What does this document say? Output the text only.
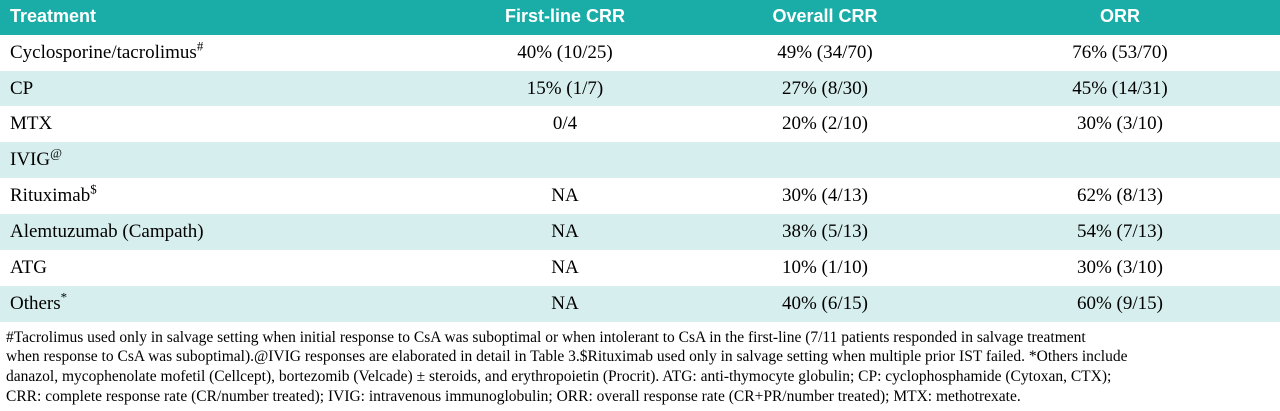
Treatment	First-line CRR	Overall CRR	ORR
Cyclosporine/tacrolimus#	40% (10/25)	49% (34/70)	76% (53/70)
CP	15% (1/7)	27% (8/30)	45% (14/31)
MTX	0/4	20% (2/10)	30% (3/10)
IVIG@			
Rituximab$	NA	30% (4/13)	62% (8/13)
Alemtuzumab (Campath)	NA	38% (5/13)	54% (7/13)
ATG	NA	10% (1/10)	30% (3/10)
Others*	NA	40% (6/15)	60% (9/15)

#Tacrolimus used only in salvage setting when initial response to CsA was suboptimal or when intolerant to CsA in the first-line (7/11 patients responded in salvage treatment

when response to CsA was suboptimal).@IVIG responses are elaborated in detail in Table 3.$Rituximab used only in salvage setting when multiple prior IST failed. *Others include

danazol, mycophenolate mofetil (Cellcept), bortezomib (Velcade) ± steroids, and erythropoietin (Procrit). ATG: anti-thymocyte globulin; CP: cyclophosphamide (Cytoxan, CTX);

CRR: complete response rate (CR/number treated); IVIG: intravenous immunoglobulin; ORR: overall response rate (CR+PR/number treated); MTX: methotrexate.
